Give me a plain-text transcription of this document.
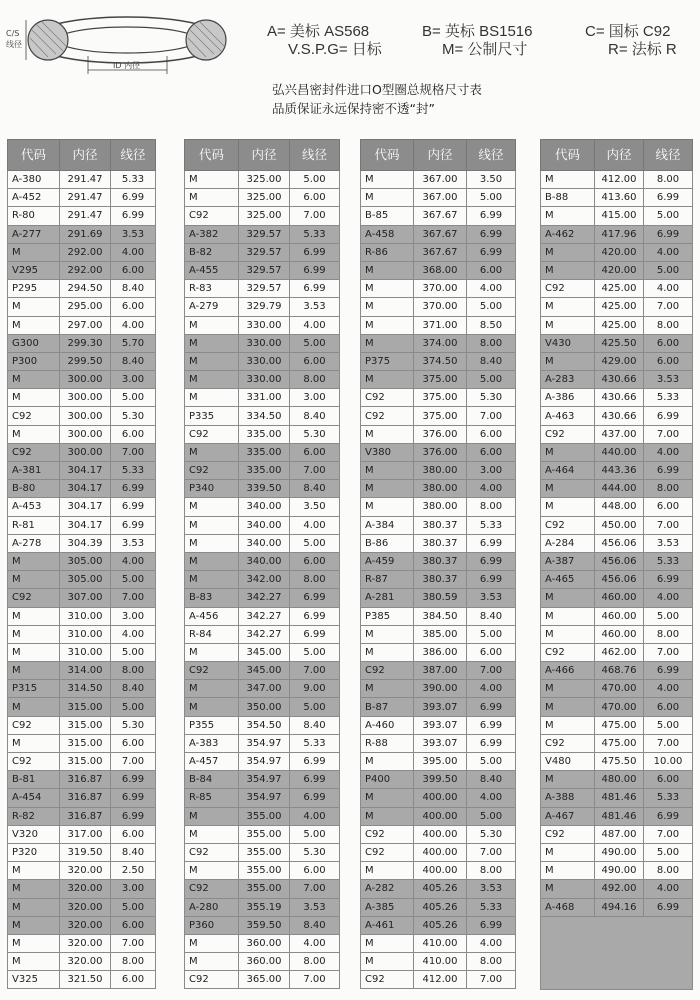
C/S
线径
ID 内径
A= 美标 AS568	B= 英标 BS1516	C= 国标 C92
V.S.P.G= 日标	M= 公制尺寸	R= 法标 R
弘兴昌密封件进口O型圈总规格尺寸表
品质保证永远保持密不透“封”
代码	内径	线径
A-380	291.47	5.33
A-452	291.47	6.99
R-80	291.47	6.99
A-277	291.69	3.53
M	292.00	4.00
V295	292.00	6.00
P295	294.50	8.40
M	295.00	6.00
M	297.00	4.00
G300	299.30	5.70
P300	299.50	8.40
M	300.00	3.00
M	300.00	5.00
C92	300.00	5.30
M	300.00	6.00
C92	300.00	7.00
A-381	304.17	5.33
B-80	304.17	6.99
A-453	304.17	6.99
R-81	304.17	6.99
A-278	304.39	3.53
M	305.00	4.00
M	305.00	5.00
C92	307.00	7.00
M	310.00	3.00
M	310.00	4.00
M	310.00	5.00
M	314.00	8.00
P315	314.50	8.40
M	315.00	5.00
C92	315.00	5.30
M	315.00	6.00
C92	315.00	7.00
B-81	316.87	6.99
A-454	316.87	6.99
R-82	316.87	6.99
V320	317.00	6.00
P320	319.50	8.40
M	320.00	2.50
M	320.00	3.00
M	320.00	5.00
M	320.00	6.00
M	320.00	7.00
M	320.00	8.00
V325	321.50	6.00
代码	内径	线径
M	325.00	5.00
M	325.00	6.00
C92	325.00	7.00
A-382	329.57	5.33
B-82	329.57	6.99
A-455	329.57	6.99
R-83	329.57	6.99
A-279	329.79	3.53
M	330.00	4.00
M	330.00	5.00
M	330.00	6.00
M	330.00	8.00
M	331.00	3.00
P335	334.50	8.40
C92	335.00	5.30
M	335.00	6.00
C92	335.00	7.00
P340	339.50	8.40
M	340.00	3.50
M	340.00	4.00
M	340.00	5.00
M	340.00	6.00
M	342.00	8.00
B-83	342.27	6.99
A-456	342.27	6.99
R-84	342.27	6.99
M	345.00	5.00
C92	345.00	7.00
M	347.00	9.00
M	350.00	5.00
P355	354.50	8.40
A-383	354.97	5.33
A-457	354.97	6.99
B-84	354.97	6.99
R-85	354.97	6.99
M	355.00	4.00
M	355.00	5.00
C92	355.00	5.30
M	355.00	6.00
C92	355.00	7.00
A-280	355.19	3.53
P360	359.50	8.40
M	360.00	4.00
M	360.00	8.00
C92	365.00	7.00
代码	内径	线径
M	367.00	3.50
M	367.00	5.00
B-85	367.67	6.99
A-458	367.67	6.99
R-86	367.67	6.99
M	368.00	6.00
M	370.00	4.00
M	370.00	5.00
M	371.00	8.50
M	374.00	8.00
P375	374.50	8.40
M	375.00	5.00
C92	375.00	5.30
C92	375.00	7.00
M	376.00	6.00
V380	376.00	6.00
M	380.00	3.00
M	380.00	4.00
M	380.00	8.00
A-384	380.37	5.33
B-86	380.37	6.99
A-459	380.37	6.99
R-87	380.37	6.99
A-281	380.59	3.53
P385	384.50	8.40
M	385.00	5.00
M	386.00	6.00
C92	387.00	7.00
M	390.00	4.00
B-87	393.07	6.99
A-460	393.07	6.99
R-88	393.07	6.99
M	395.00	5.00
P400	399.50	8.40
M	400.00	4.00
M	400.00	5.00
C92	400.00	5.30
C92	400.00	7.00
M	400.00	8.00
A-282	405.26	3.53
A-385	405.26	5.33
A-461	405.26	6.99
M	410.00	4.00
M	410.00	8.00
C92	412.00	7.00
代码	内径	线径
M	412.00	8.00
B-88	413.60	6.99
M	415.00	5.00
A-462	417.96	6.99
M	420.00	4.00
M	420.00	5.00
C92	425.00	4.00
M	425.00	7.00
M	425.00	8.00
V430	425.50	6.00
M	429.00	6.00
A-283	430.66	3.53
A-386	430.66	5.33
A-463	430.66	6.99
C92	437.00	7.00
M	440.00	4.00
A-464	443.36	6.99
M	444.00	8.00
M	448.00	6.00
C92	450.00	7.00
A-284	456.06	3.53
A-387	456.06	5.33
A-465	456.06	6.99
M	460.00	4.00
M	460.00	5.00
M	460.00	8.00
C92	462.00	7.00
A-466	468.76	6.99
M	470.00	4.00
M	470.00	6.00
M	475.00	5.00
C92	475.00	7.00
V480	475.50	10.00
M	480.00	6.00
A-388	481.46	5.33
A-467	481.46	6.99
C92	487.00	7.00
M	490.00	5.00
M	490.00	8.00
M	492.00	4.00
A-468	494.16	6.99
